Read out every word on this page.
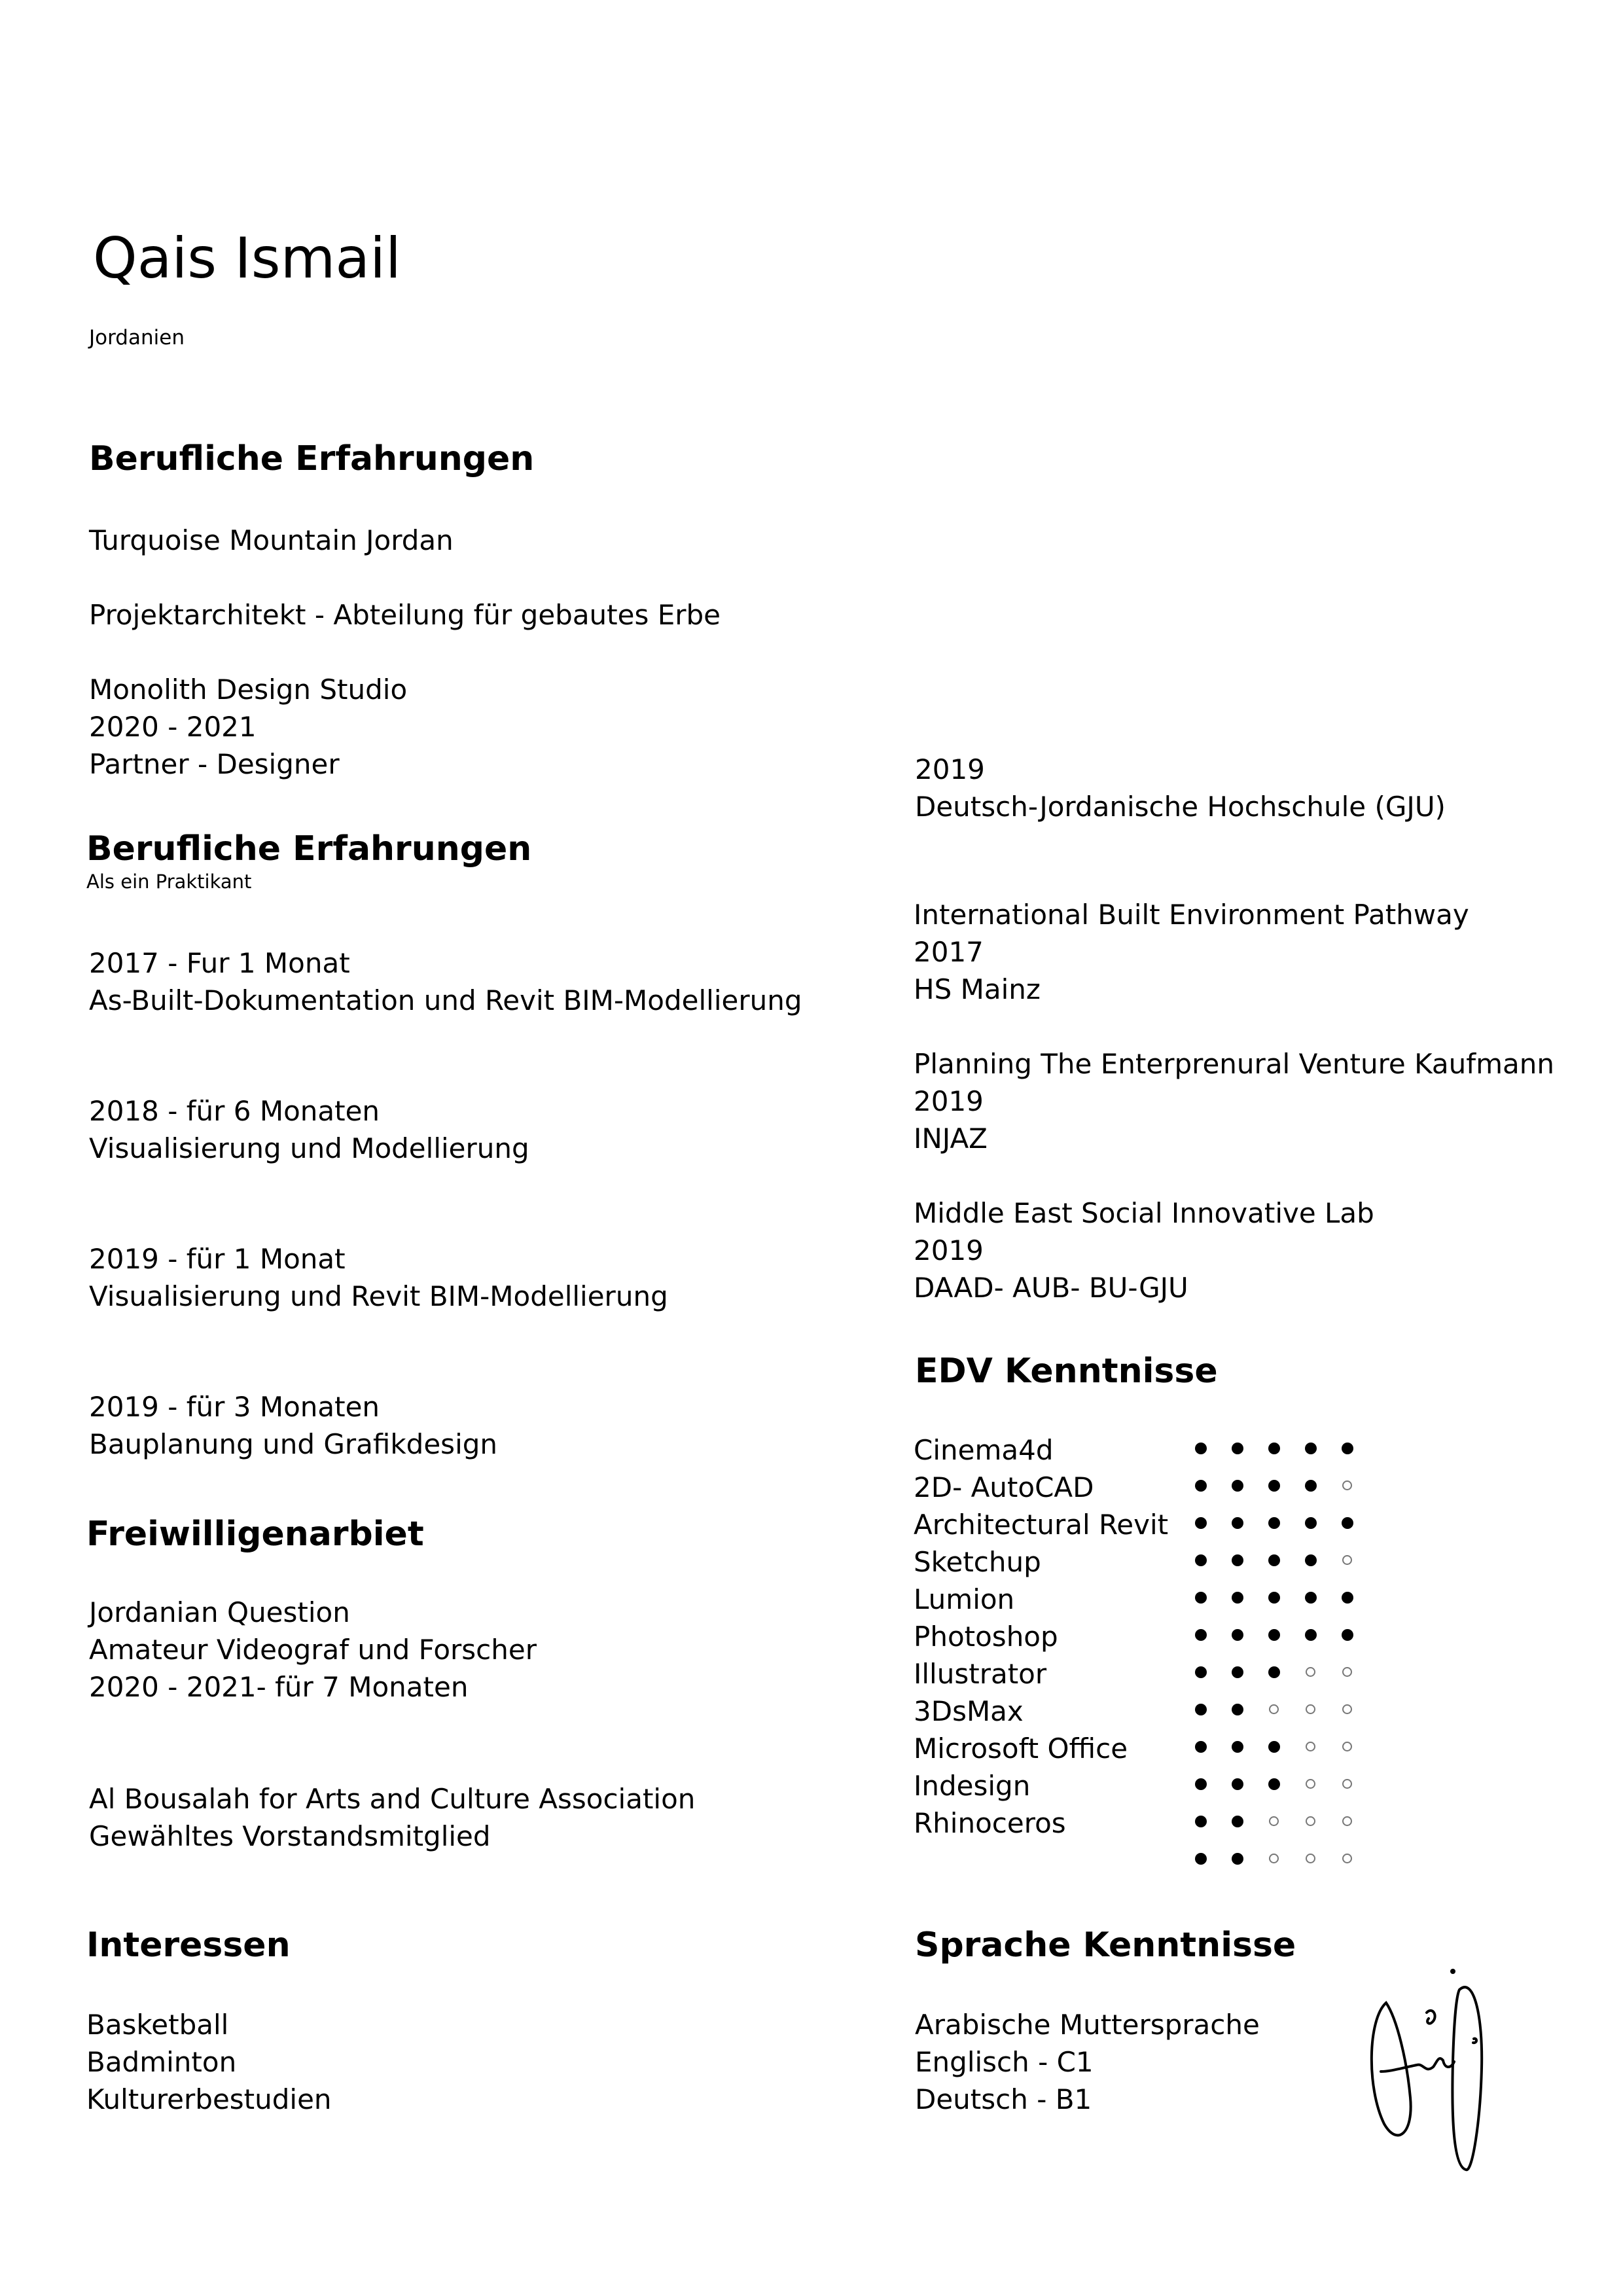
Qais Ismail
Jordanien
Berufliche Erfahrungen
Turquoise Mountain Jordan
Projektarchitekt - Abteilung für gebautes Erbe
Monolith Design Studio
2020 - 2021
Partner - Designer
Berufliche Erfahrungen
Als ein Praktikant
2017 - Fur 1 Monat
As-Built-Dokumentation und Revit BIM-Modellierung
2018 - für 6 Monaten
Visualisierung und Modellierung
2019 - für 1 Monat
Visualisierung und Revit BIM-Modellierung
2019 - für 3 Monaten
Bauplanung und Grafikdesign
Freiwilligenarbiet
Jordanian Question
Amateur Videograf und Forscher
2020 - 2021- für 7 Monaten
Al Bousalah for Arts and Culture Association
Gewähltes Vorstandsmitglied
Interessen
Basketball
Badminton
Kulturerbestudien
2019
Deutsch-Jordanische Hochschule (GJU)
International Built Environment Pathway
2017
HS Mainz
Planning The Enterprenural Venture Kaufmann
2019
INJAZ
Middle East Social Innovative Lab
2019
DAAD- AUB- BU-GJU
EDV Kenntnisse
Cinema4d
2D- AutoCAD
Architectural Revit
Sketchup
Lumion
Photoshop
Illustrator
3DsMax
Microsoft Office
Indesign
Rhinoceros
Sprache Kenntnisse
Arabische Muttersprache
Englisch - C1
Deutsch - B1
